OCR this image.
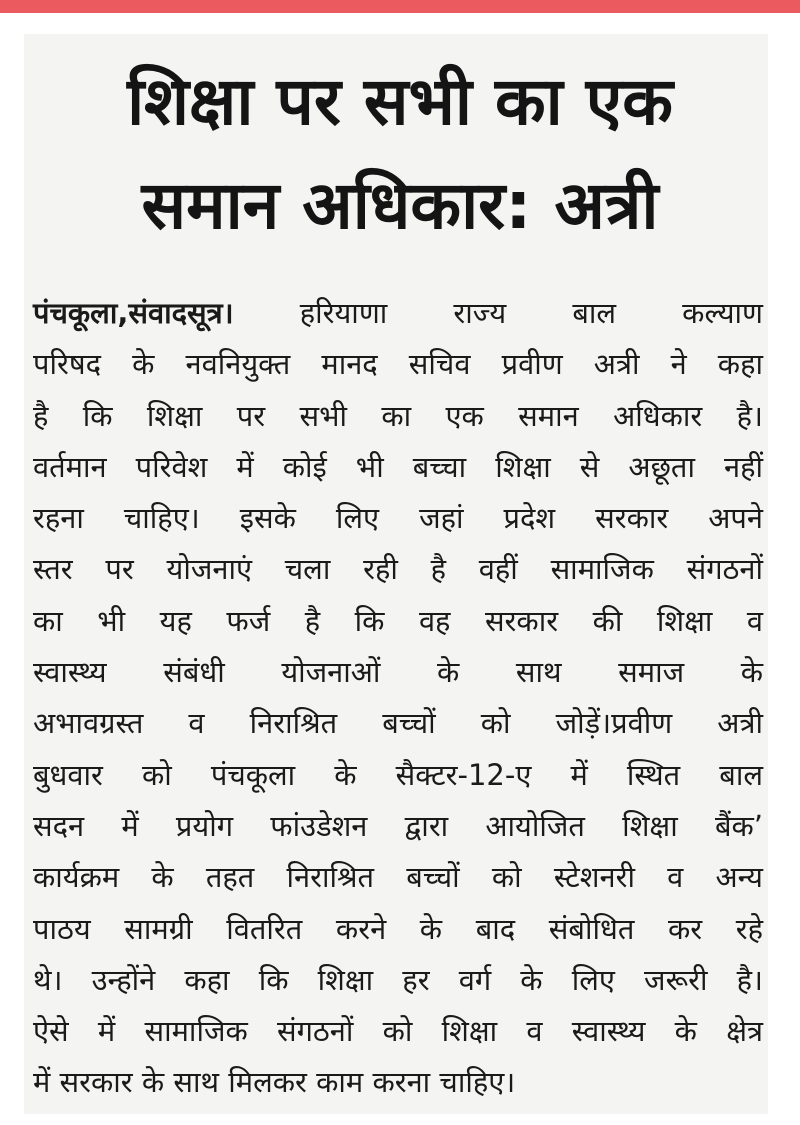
शिक्षा पर सभी का एक
समान अधिकार: अत्री
पंचकूला,संवादसूत्र। हरियाणा राज्य बाल कल्याण
परिषद के नवनियुक्त मानद सचिव प्रवीण अत्री ने कहा
है कि शिक्षा पर सभी का एक समान अधिकार है।
वर्तमान परिवेश में कोई भी बच्चा शिक्षा से अछूता नहीं
रहना चाहिए। इसके लिए जहां प्रदेश सरकार अपने
स्तर पर योजनाएं चला रही है वहीं सामाजिक संगठनों
का भी यह फर्ज है कि वह सरकार की शिक्षा व
स्वास्थ्य संबंधी योजनाओं के साथ समाज के
अभावग्रस्त व निराश्रित बच्चों को जोड़ें।प्रवीण अत्री
बुधवार को पंचकूला के सैक्टर-12-ए में स्थित बाल
सदन में प्रयोग फांउडेशन द्वारा आयोजित शिक्षा बैंक’
कार्यक्रम के तहत निराश्रित बच्चों को स्टेशनरी व अन्य
पाठय सामग्री वितरित करने के बाद संबोधित कर रहे
थे। उन्होंने कहा कि शिक्षा हर वर्ग के लिए जरूरी है।
ऐसे में सामाजिक संगठनों को शिक्षा व स्वास्थ्य के क्षेत्र
में सरकार के साथ मिलकर काम करना चाहिए।
